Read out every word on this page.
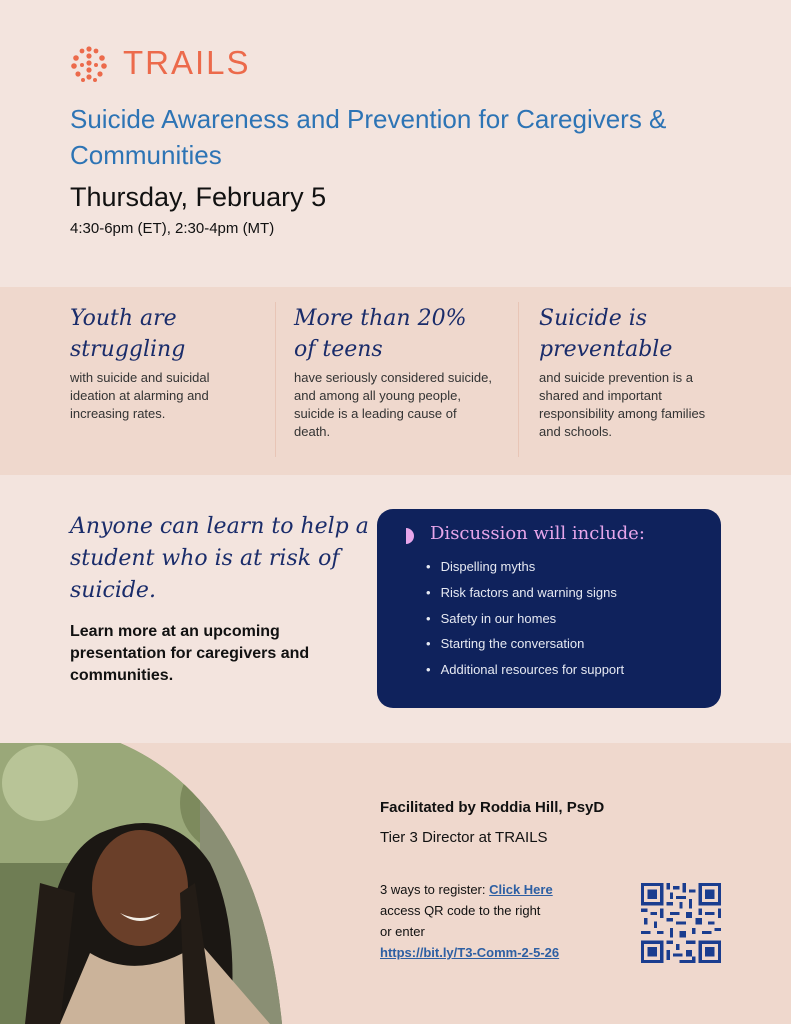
TRAILS
Suicide Awareness and Prevention for Caregivers & Communities
Thursday, February 5
4:30-6pm (ET), 2:30-4pm (MT)
Youth are
struggling
with suicide and suicidal ideation at alarming and increasing rates.
More than 20%
of teens
have seriously considered suicide, and among all young people, suicide is a leading cause of death.
Suicide is
preventable
and suicide prevention is a shared and important responsibility among families and schools.
Anyone can learn to help a student who is at risk of suicide.
Learn more at an upcoming presentation for caregivers and communities.
Discussion will include:
• Dispelling myths
• Risk factors and warning signs
• Safety in our homes
• Starting the conversation
• Additional resources for support
Facilitated by Roddia Hill, PsyD
Tier 3 Director at TRAILS
3 ways to register: Click Here
access QR code to the right
or enter
https://bit.ly/T3-Comm-2-5-26
